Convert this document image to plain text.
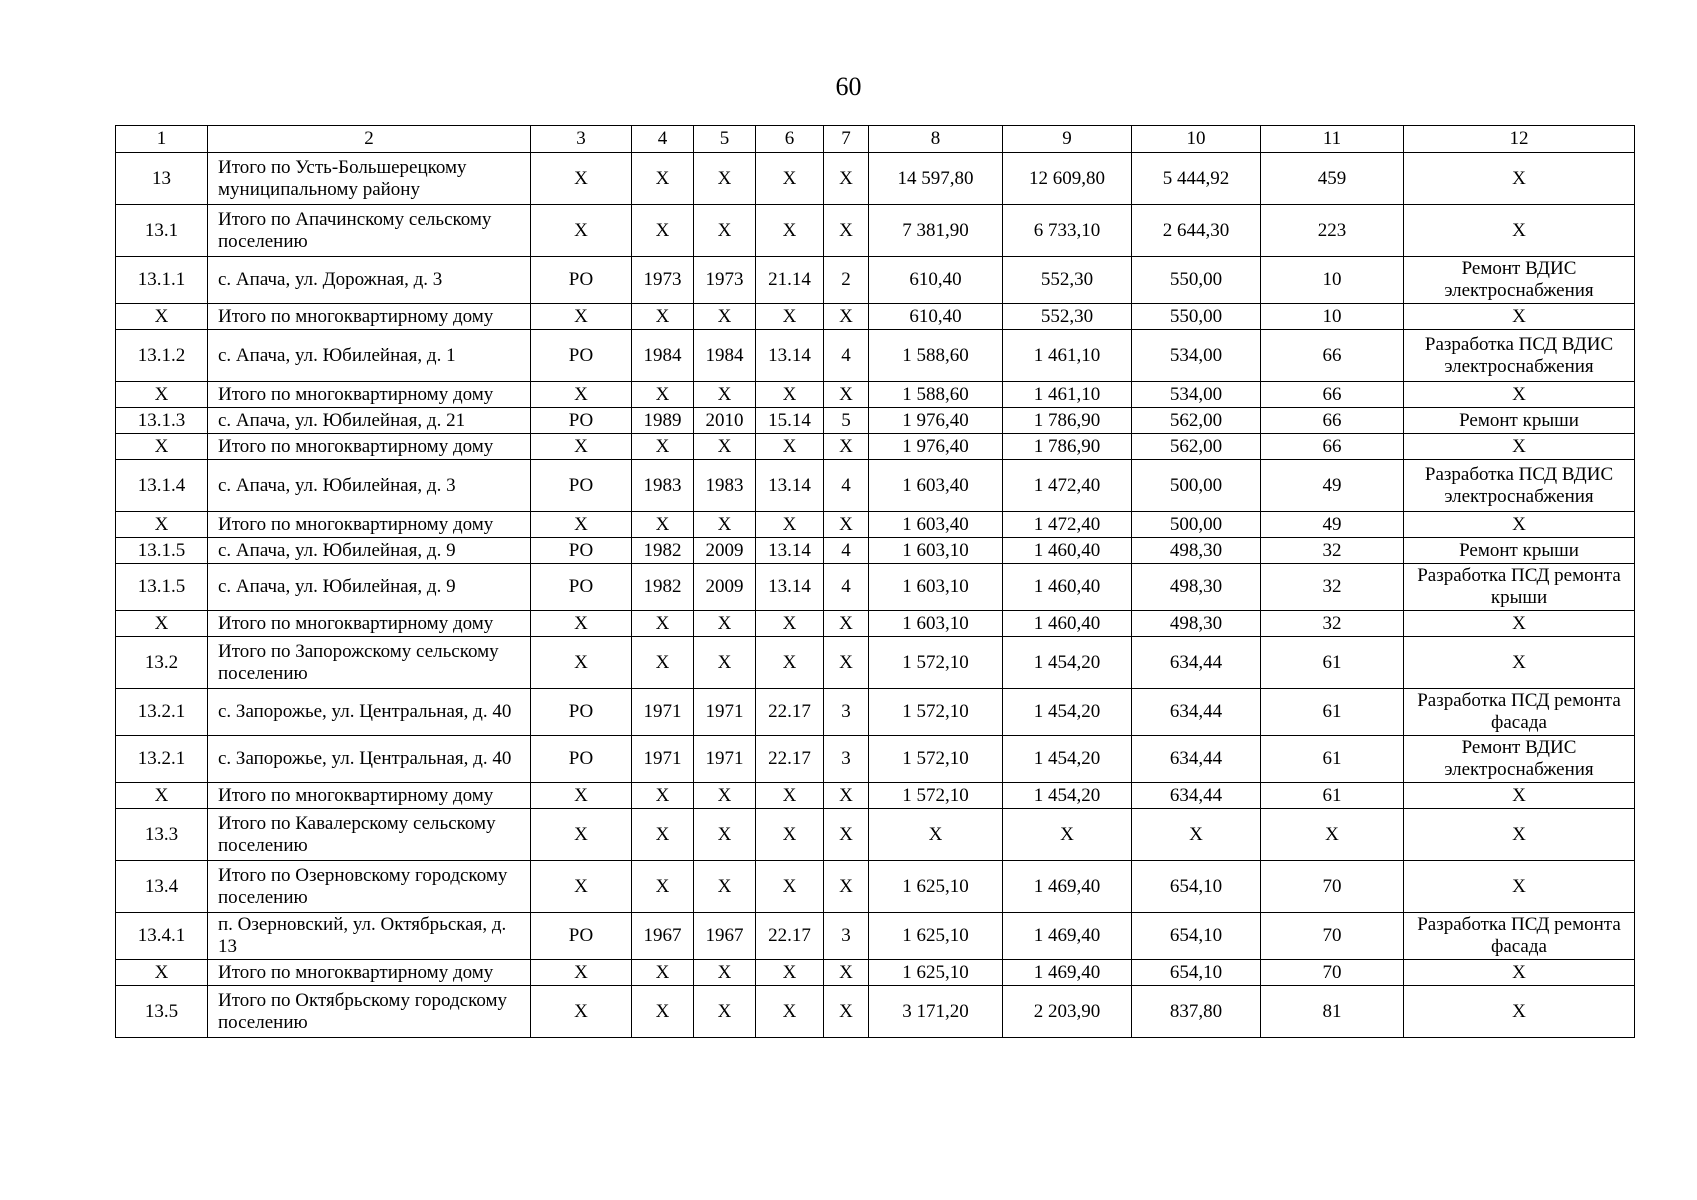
60
1	2	3	4	5	6	7	8	9	10	11	12
13	Итого по Усть-Большерецкому муниципальному району	Х	Х	Х	Х	Х	14 597,80	12 609,80	5 444,92	459	Х
13.1	Итого по Апачинскому сельскому поселению	Х	Х	Х	Х	Х	7 381,90	6 733,10	2 644,30	223	Х
13.1.1	с. Апача, ул. Дорожная, д. 3	РО	1973	1973	21.14	2	610,40	552,30	550,00	10	Ремонт ВДИС электроснабжения
Х	Итого по многоквартирному дому	Х	Х	Х	Х	Х	610,40	552,30	550,00	10	Х
13.1.2	с. Апача, ул. Юбилейная, д. 1	РО	1984	1984	13.14	4	1 588,60	1 461,10	534,00	66	Разработка ПСД ВДИС электроснабжения
Х	Итого по многоквартирному дому	Х	Х	Х	Х	Х	1 588,60	1 461,10	534,00	66	Х
13.1.3	с. Апача, ул. Юбилейная, д. 21	РО	1989	2010	15.14	5	1 976,40	1 786,90	562,00	66	Ремонт крыши
Х	Итого по многоквартирному дому	Х	Х	Х	Х	Х	1 976,40	1 786,90	562,00	66	Х
13.1.4	с. Апача, ул. Юбилейная, д. 3	РО	1983	1983	13.14	4	1 603,40	1 472,40	500,00	49	Разработка ПСД ВДИС электроснабжения
Х	Итого по многоквартирному дому	Х	Х	Х	Х	Х	1 603,40	1 472,40	500,00	49	Х
13.1.5	с. Апача, ул. Юбилейная, д. 9	РО	1982	2009	13.14	4	1 603,10	1 460,40	498,30	32	Ремонт крыши
13.1.5	с. Апача, ул. Юбилейная, д. 9	РО	1982	2009	13.14	4	1 603,10	1 460,40	498,30	32	Разработка ПСД ремонта крыши
Х	Итого по многоквартирному дому	Х	Х	Х	Х	Х	1 603,10	1 460,40	498,30	32	Х
13.2	Итого по Запорожскому сельскому поселению	Х	Х	Х	Х	Х	1 572,10	1 454,20	634,44	61	Х
13.2.1	с. Запорожье, ул. Центральная, д. 40	РО	1971	1971	22.17	3	1 572,10	1 454,20	634,44	61	Разработка ПСД ремонта фасада
13.2.1	с. Запорожье, ул. Центральная, д. 40	РО	1971	1971	22.17	3	1 572,10	1 454,20	634,44	61	Ремонт ВДИС электроснабжения
Х	Итого по многоквартирному дому	Х	Х	Х	Х	Х	1 572,10	1 454,20	634,44	61	Х
13.3	Итого по Кавалерскому сельскому поселению	Х	Х	Х	Х	Х	Х	Х	Х	Х	Х
13.4	Итого по Озерновскому городскому поселению	Х	Х	Х	Х	Х	1 625,10	1 469,40	654,10	70	Х
13.4.1	п. Озерновский, ул. Октябрьская, д. 13	РО	1967	1967	22.17	3	1 625,10	1 469,40	654,10	70	Разработка ПСД ремонта фасада
Х	Итого по многоквартирному дому	Х	Х	Х	Х	Х	1 625,10	1 469,40	654,10	70	Х
13.5	Итого по Октябрьскому городскому поселению	Х	Х	Х	Х	Х	3 171,20	2 203,90	837,80	81	Х
